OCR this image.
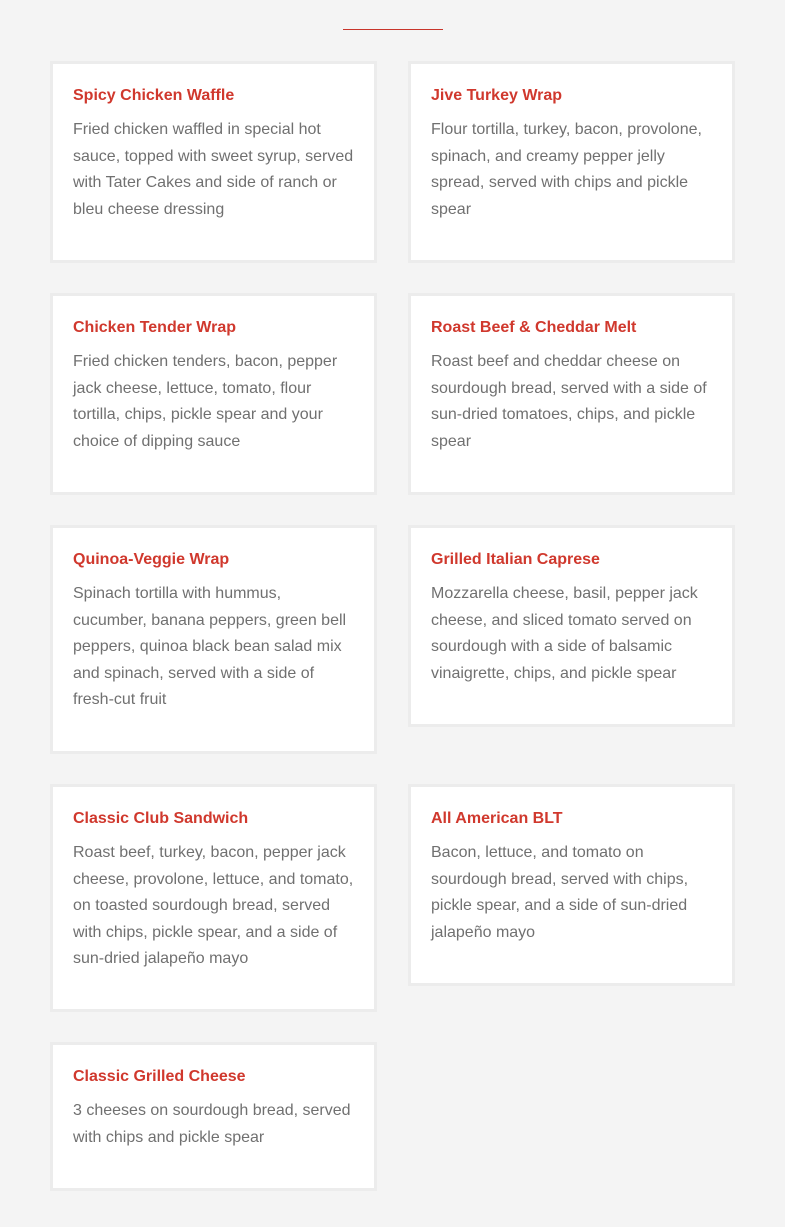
Spicy Chicken Waffle

Fried chicken waffled in special hot sauce, topped with sweet syrup, served with Tater Cakes and side of ranch or bleu cheese dressing

Jive Turkey Wrap

Flour tortilla, turkey, bacon, provolone, spinach, and creamy pepper jelly spread, served with chips and pickle spear

Chicken Tender Wrap

Fried chicken tenders, bacon, pepper jack cheese, lettuce, tomato, flour tortilla, chips, pickle spear and your choice of dipping sauce

Roast Beef & Cheddar Melt

Roast beef and cheddar cheese on sourdough bread, served with a side of sun-dried tomatoes, chips, and pickle spear

Quinoa-Veggie Wrap

Spinach tortilla with hummus, cucumber, banana peppers, green bell peppers, quinoa black bean salad mix and spinach, served with a side of fresh-cut fruit

Grilled Italian Caprese

Mozzarella cheese, basil, pepper jack cheese, and sliced tomato served on sourdough with a side of balsamic vinaigrette, chips, and pickle spear

Classic Club Sandwich

Roast beef, turkey, bacon, pepper jack cheese, provolone, lettuce, and tomato, on toasted sourdough bread, served with chips, pickle spear, and a side of sun-dried jalapeño mayo

All American BLT

Bacon, lettuce, and tomato on sourdough bread, served with chips, pickle spear, and a side of sun-dried jalapeño mayo

Classic Grilled Cheese

3 cheeses on sourdough bread, served with chips and pickle spear
